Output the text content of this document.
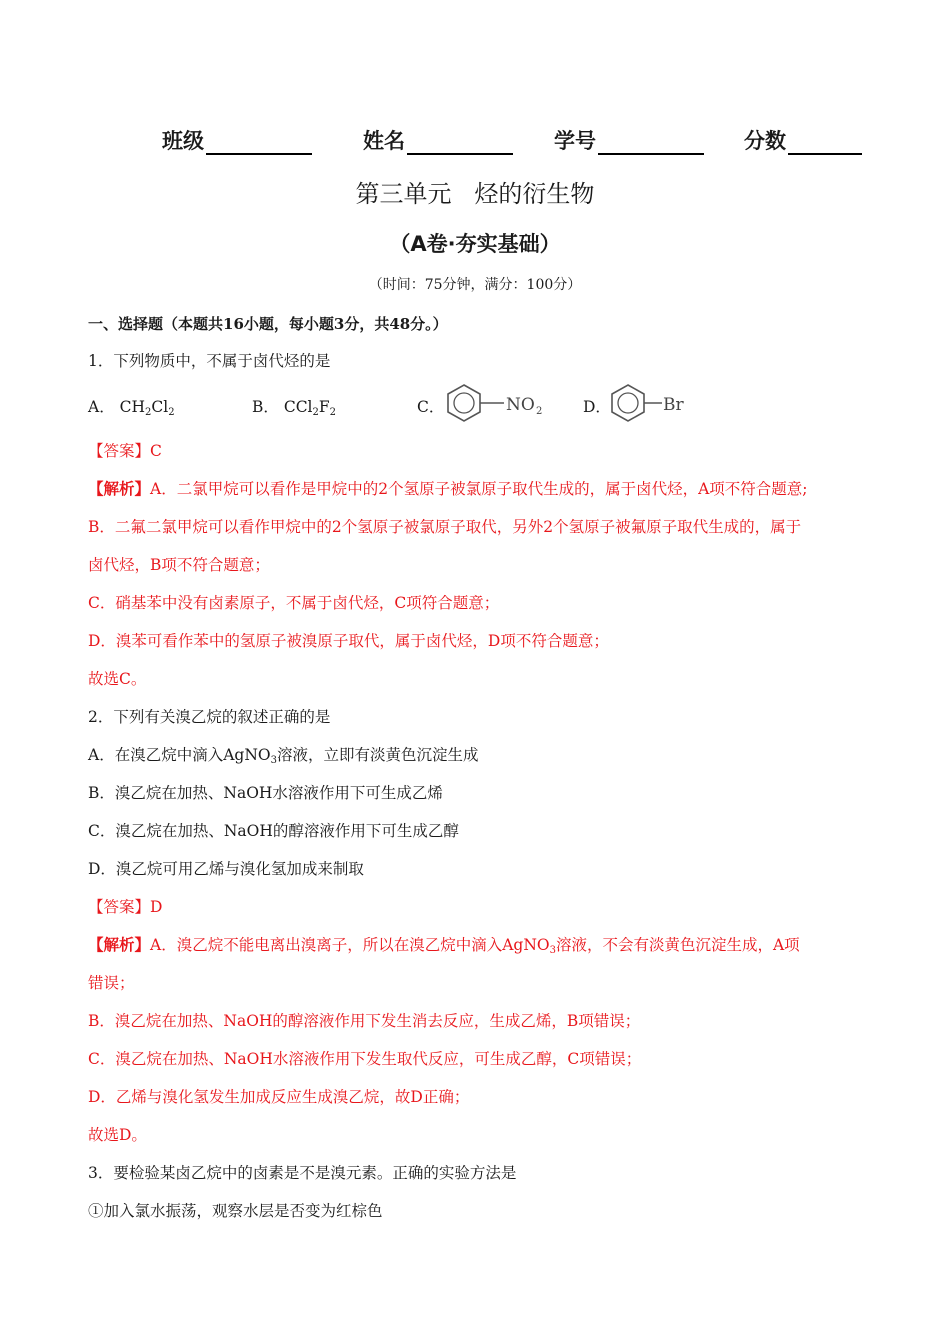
班级	姓名	学号	分数
第三单元   烃的衍生物
（A卷·夯实基础）
（时间：75分钟，满分：100分）
一、选择题（本题共16小题，每小题3分，共48分。）
1．下列物质中，不属于卤代烃的是
A． $CH_2Cl_2$	B． $CCl_2F_2$	C．	NO 2	D．	Br
【答案】C
【解析】A．二氯甲烷可以看作是甲烷中的2个氢原子被氯原子取代生成的，属于卤代烃，A项不符合题意;
B．二氟二氯甲烷可以看作甲烷中的2个氢原子被氯原子取代，另外2个氢原子被氟原子取代生成的，属于
卤代烃，B项不符合题意；
C．硝基苯中没有卤素原子，不属于卤代烃，C项符合题意；
D．溴苯可看作苯中的氢原子被溴原子取代，属于卤代烃，D项不符合题意；
故选C。
2．下列有关溴乙烷的叙述正确的是
A．在溴乙烷中滴入AgNO$_3$溶液，立即有淡黄色沉淀生成
B．溴乙烷在加热、NaOH水溶液作用下可生成乙烯
C．溴乙烷在加热、NaOH的醇溶液作用下可生成乙醇
D．溴乙烷可用乙烯与溴化氢加成来制取
【答案】D
【解析】A．溴乙烷不能电离出溴离子，所以在溴乙烷中滴入AgNO$_3$溶液，不会有淡黄色沉淀生成，A项
错误；
B．溴乙烷在加热、NaOH的醇溶液作用下发生消去反应，生成乙烯，B项错误；
C．溴乙烷在加热、NaOH水溶液作用下发生取代反应，可生成乙醇，C项错误；
D．乙烯与溴化氢发生加成反应生成溴乙烷，故D正确；
故选D。
3．要检验某卤乙烷中的卤素是不是溴元素。正确的实验方法是
①加入氯水振荡，观察水层是否变为红棕色
